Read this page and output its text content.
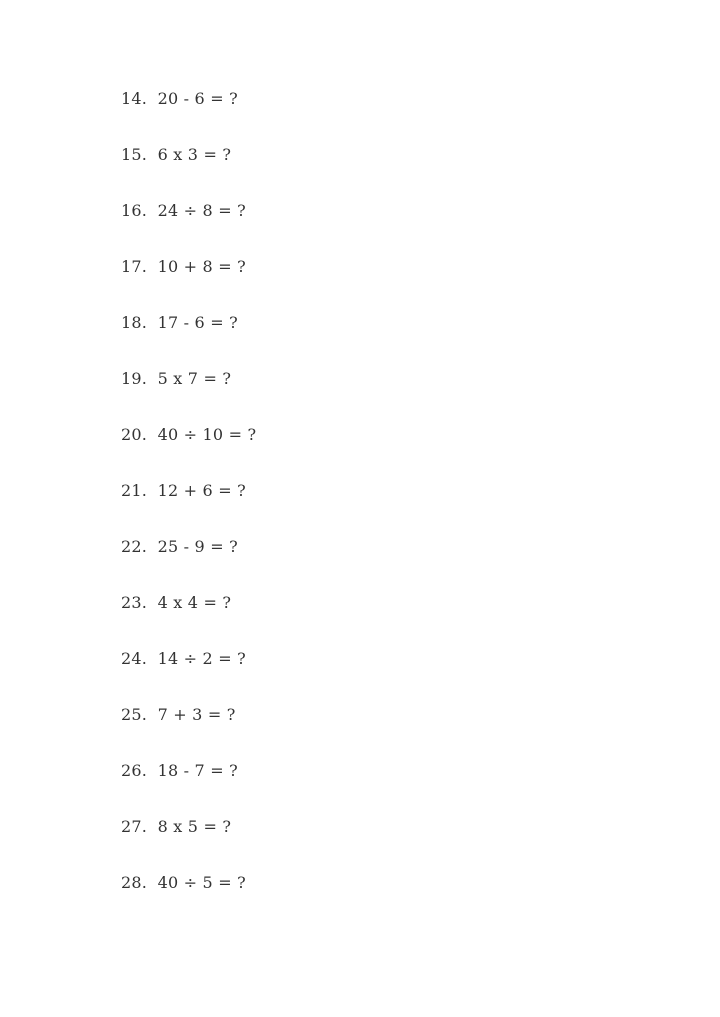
14.  20 - 6 = ?
15.  6 x 3 = ?
16.  24 ÷ 8 = ?
17.  10 + 8 = ?
18.  17 - 6 = ?
19.  5 x 7 = ?
20.  40 ÷ 10 = ?
21.  12 + 6 = ?
22.  25 - 9 = ?
23.  4 x 4 = ?
24.  14 ÷ 2 = ?
25.  7 + 3 = ?
26.  18 - 7 = ?
27.  8 x 5 = ?
28.  40 ÷ 5 = ?
